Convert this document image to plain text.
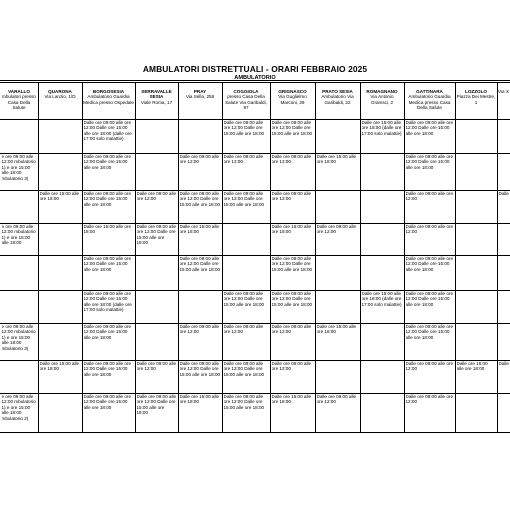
AMBULATORI DISTRETTUALI - ORARI FEBBRAIO 2025
AMBULATORIO
VARALLO
mbulatori presso Casa Della Salute
QUARONA
Via Lanzio, 1/D
BORGOSESIA
Ambulatorio Guardia Medica presso Ospedale
SERRAVALLE SESIA
Viale Roma, 17
PRAY
Via Sella, 258
COGGIOLA
presso Casa Della Salute Via Garibaldi, 97
GRIGNASCO
Via Guglielmo Marconi, 29
PRATO SESIA
Ambulatorio Via Garibaldi, 22
ROMAGNANO
Via Antonio Gramsci, 2
GATTINARA
Ambulatorio Guardia Medica presso Casa Della Salute
LOZZOLO
Piazza Dei Mestre, 1
Via X
Dalle ore 09:00 alle ore 12:00 Dalle ore 15:00 alle ore 18:00 (dalle ore 17:00 solo malattie)
Dalle ore 09:00 alle ore 12:00 Dalle ore 15:00 alle ore 18:00
Dalle ore 09:00 alle ore 12:00 Dalle ore 15:00 alle ore 18:00
Dalle ore 15:00 alle ore 18:00 (dalle ore 17:00 solo malattie)
Dalle ore 09:00 alle ore 12:00 Dalle ore 15:00 alle ore 18:00
e ore 09:00 alle 12:00 mbulatorio 1) e ore 15:00 alle 18:00 mbulatorio 3)
Dalle ore 09:00 alle ore 12:00 Dalle ore 15:00 alle ore 18:00
Dalle ore 09:00 alle ore 12:00
Dalle ore 09:00 alle ore 12:00
Dalle ore 09:00 alle ore 12:00
Dalle ore 15:00 alle ore 18:00
Dalle ore 09:00 alle ore 12:00 Dalle ore 15:00 alle ore 18:00
Dalle ore 15:00 alle ore 18:00
Dalle ore 09:00 alle ore 12:00 Dalle ore 15:00 alle ore 18:00
Dalle ore 09:00 alle ore 12:00
Dalle ore 09:00 alle ore 12:00 Dalle ore 15:00 alle ore 18:00
Dalle ore 09:00 alle ore 12:00 Dalle ore 15:00 alle ore 18:00
Dalle ore 09:00 alle ore 12:00
Dalle ore 09:00 alle ore 12:00
Dalle
e ore 09:00 alle 12:00 mbulatorio 1) e ore 15:00 alle 18:00
Dalle ore 15:00 alle ore 18:00
Dalle ore 09:00 alle ore 12:00 Dalle ore 15:00 alle ore 18:00
Dalle ore 15:00 alle ore 18:00
Dalle ore 15:00 alle ore 18:00
Dalle ore 09:00 alle ore 12:00
Dalle ore 09:00 alle ore 12:00
Dalle ore 09:00 alle ore 12:00 Dalle ore 15:00 alle ore 18:00
Dalle ore 09:00 alle ore 12:00 Dalle ore 15:00 alle ore 18:00
Dalle ore 09:00 alle ore 12:00 Dalle ore 15:00 alle ore 18:00
Dalle ore 09:00 alle ore 12:00 Dalle ore 15:00 alle ore 18:00
Dalle ore 09:00 alle ore 12:00 Dalle ore 15:00 alle ore 18:00 (dalle ore 17:00 solo malattie)
Dalle ore 09:00 alle ore 12:00 Dalle ore 15:00 alle ore 18:00
Dalle ore 09:00 alle ore 12:00 Dalle ore 15:00 alle ore 18:00
Dalle ore 15:00 alle ore 18:00 (dalle ore 17:00 solo malattie)
Dalle ore 09:00 alle ore 12:00 Dalle ore 15:00 alle ore 18:00
e ore 09:00 alle 12:00 mbulatorio 1) e ore 15:00 alle 18:00 mbulatorio 3)
Dalle ore 09:00 alle ore 12:00 Dalle ore 15:00 alle ore 18:00
Dalle ore 09:00 alle ore 12:00
Dalle ore 09:00 alle ore 12:00
Dalle ore 09:00 alle ore 12:00
Dalle ore 15:00 alle ore 18:00
Dalle ore 09:00 alle ore 12:00 Dalle ore 15:00 alle ore 18:00
Dalle ore 15:00 alle ore 18:00
Dalle ore 09:00 alle ore 12:00 Dalle ore 15:00 alle ore 18:00
Dalle ore 09:00 alle ore 12:00
Dalle ore 09:00 alle ore 12:00 Dalle ore 15:00 alle ore 18:00
Dalle ore 09:00 alle ore 12:00 Dalle ore 15:00 alle ore 18:00
Dalle ore 09:00 alle ore 12:00
Dalle ore 09:00 alle ore 12:00
Dalle ore 15:00 alle ore 18:00
Dalle
e ore 09:00 alle 12:00 mbulatorio 1) e ore 15:00 alle 18:00 mbulatorio 2)
Dalle ore 09:00 alle ore 12:00 Dalle ore 15:00 alle ore 18:00
Dalle ore 09:00 alle ore 12:00 Dalle ore 15:00 alle ore 18:00
Dalle ore 15:00 alle ore 18:00
Dalle ore 09:00 alle ore 12:00 Dalle ore 15:00 alle ore 18:00
Dalle ore 15:00 alle ore 18:00
Dalle ore 09:00 alle ore 12:00
Dalle ore 09:00 alle ore 12:00
